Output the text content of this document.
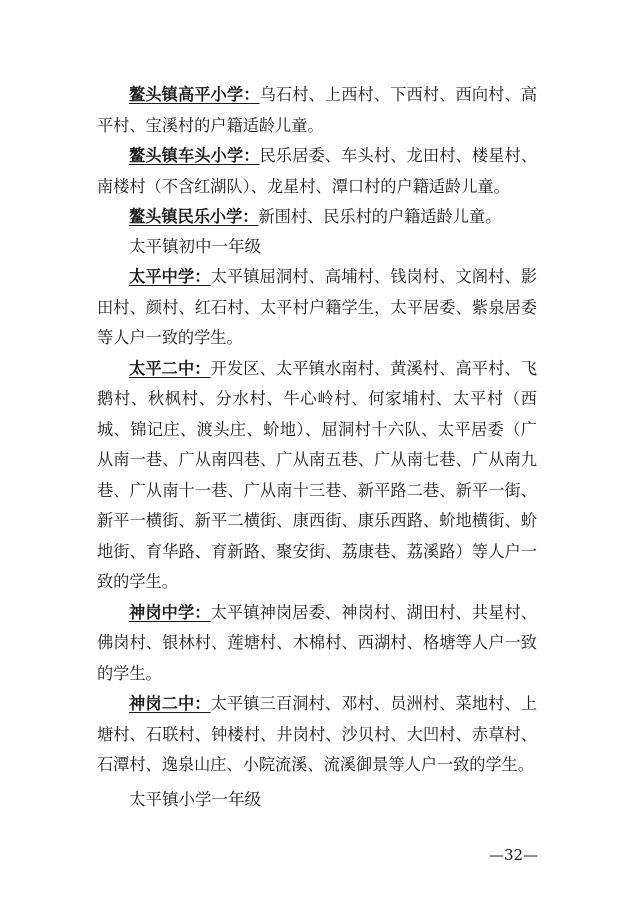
鳌头镇高平小学：乌石村、上西村、下西村、西向村、高平村、宝溪村的户籍适龄儿童。

鳌头镇车头小学：民乐居委、车头村、龙田村、楼星村、南楼村（不含红湖队）、龙星村、潭口村的户籍适龄儿童。

鳌头镇民乐小学：新围村、民乐村的户籍适龄儿童。

太平镇初中一年级

太平中学：太平镇屈洞村、高埔村、钱岗村、文阁村、影田村、颜村、红石村、太平村户籍学生，太平居委、紫泉居委等人户一致的学生。

太平二中：开发区、太平镇水南村、黄溪村、高平村、飞鹅村、秋枫村、分水村、牛心岭村、何家埔村、太平村（西城、锦记庄、渡头庄、蚧地）、屈洞村十六队、太平居委（广从南一巷、广从南四巷、广从南五巷、广从南七巷、广从南九巷、广从南十一巷、广从南十三巷、新平路二巷、新平一街、新平一横街、新平二横街、康西街、康乐西路、蚧地横街、蚧地街、育华路、育新路、聚安街、荔康巷、荔溪路）等人户一致的学生。

神岗中学：太平镇神岗居委、神岗村、湖田村、共星村、佛岗村、银林村、莲塘村、木棉村、西湖村、格塘等人户一致的学生。

神岗二中：太平镇三百洞村、邓村、员洲村、菜地村、上塘村、石联村、钟楼村、井岗村、沙贝村、大凹村、赤草村、石潭村、逸泉山庄、小院流溪、流溪御景等人户一致的学生。

太平镇小学一年级

—32—
